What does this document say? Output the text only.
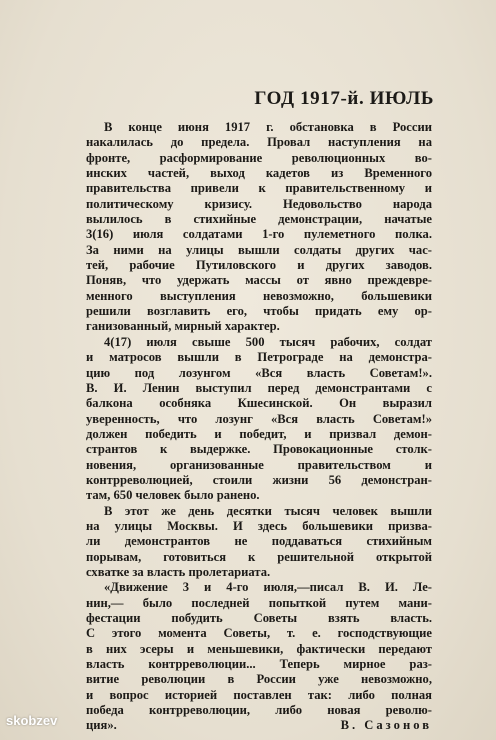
ГОД 1917-й. ИЮЛЬ
В конце июня 1917 г. обстановка в России
накалилась до предела. Провал наступления на
фронте, расформирование революционных во-
инских частей, выход кадетов из Временного
правительства привели к правительственному и
политическому кризису. Недовольство народа
вылилось в стихийные демонстрации, начатые
3(16) июля солдатами 1-го пулеметного полка.
За ними на улицы вышли солдаты других час-
тей, рабочие Путиловского и других заводов.
Поняв, что удержать массы от явно преждевре-
менного выступления невозможно, большевики
решили возглавить его, чтобы придать ему ор-
ганизованный, мирный характер.
4(17) июля свыше 500 тысяч рабочих, солдат
и матросов вышли в Петрограде на демонстра-
цию под лозунгом «Вся власть Советам!».
В. И. Ленин выступил перед демонстрантами с
балкона особняка Кшесинской. Он выразил
уверенность, что лозунг «Вся власть Советам!»
должен победить и победит, и призвал демон-
странтов к выдержке. Провокационные столк-
новения, организованные правительством и
контрреволюцией, стоили жизни 56 демонстран-
там, 650 человек было ранено.
В этот же день десятки тысяч человек вышли
на улицы Москвы. И здесь большевики призва-
ли демонстрантов не поддаваться стихийным
порывам, готовиться к решительной открытой
схватке за власть пролетариата.
«Движение 3 и 4-го июля,—писал В. И. Ле-
нин,— было последней попыткой путем мани-
фестации побудить Советы взять власть.
С этого момента Советы, т. е. господствующие
в них эсеры и меньшевики, фактически передают
власть контрреволюции... Теперь мирное раз-
витие революции в России уже невозможно,
и вопрос историей поставлен так: либо полная
победа контрреволюции, либо новая револю-
ция».	В. Сазонов
skobzev
